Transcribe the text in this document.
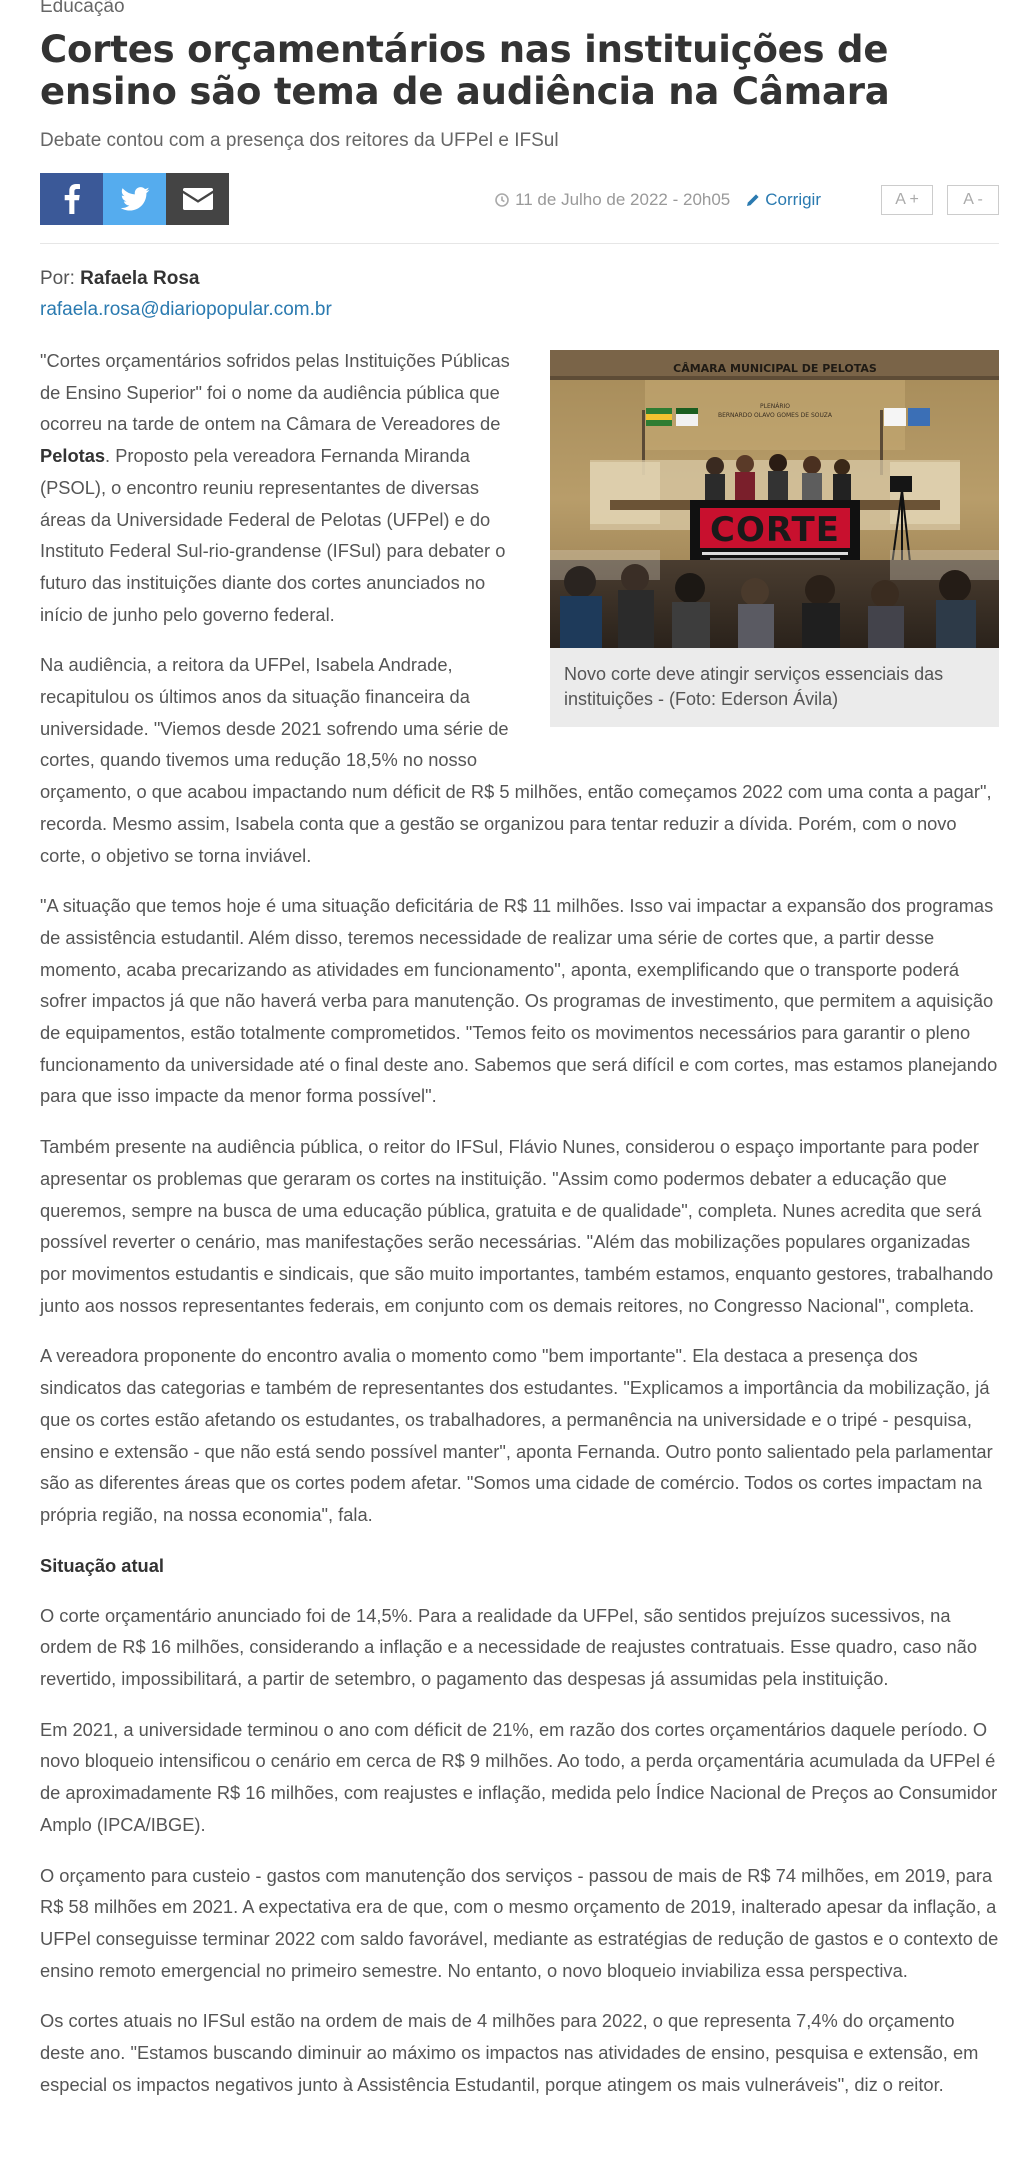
Educação
Cortes orçamentários nas instituições de ensino são tema de audiência na Câmara
Debate contou com a presença dos reitores da UFPel e IFSul
11 de Julho de 2022 - 20h05 Corrigir	A +	A -
Por: Rafaela Rosa
rafaela.rosa@diariopopular.com.br
CÂMARA MUNICIPAL DE PELOTAS
PLENÁRIO
BERNARDO OLAVO GOMES DE SOUZA
CORTE
Novo corte deve atingir serviços essenciais das instituições - (Foto: Ederson Ávila)

"Cortes orçamentários sofridos pelas Instituições Públicas de Ensino Superior" foi o nome da audiência pública que ocorreu na tarde de ontem na Câmara de Vereadores de Pelotas. Proposto pela vereadora Fernanda Miranda (PSOL), o encontro reuniu representantes de diversas áreas da Universidade Federal de Pelotas (UFPel) e do Instituto Federal Sul-rio-grandense (IFSul) para debater o futuro das instituições diante dos cortes anunciados no início de junho pelo governo federal.

Na audiência, a reitora da UFPel, Isabela Andrade, recapitulou os últimos anos da situação financeira da universidade. "Viemos desde 2021 sofrendo uma série de cortes, quando tivemos uma redução 18,5% no nosso orçamento, o que acabou impactando num déficit de R$ 5 milhões, então começamos 2022 com uma conta a pagar", recorda. Mesmo assim, Isabela conta que a gestão se organizou para tentar reduzir a dívida. Porém, com o novo corte, o objetivo se torna inviável.

"A situação que temos hoje é uma situação deficitária de R$ 11 milhões. Isso vai impactar a expansão dos programas de assistência estudantil. Além disso, teremos necessidade de realizar uma série de cortes que, a partir desse momento, acaba precarizando as atividades em funcionamento", aponta, exemplificando que o transporte poderá sofrer impactos já que não haverá verba para manutenção. Os programas de investimento, que permitem a aquisição de equipamentos, estão totalmente comprometidos. "Temos feito os movimentos necessários para garantir o pleno funcionamento da universidade até o final deste ano. Sabemos que será difícil e com cortes, mas estamos planejando para que isso impacte da menor forma possível".

Também presente na audiência pública, o reitor do IFSul, Flávio Nunes, considerou o espaço importante para poder apresentar os problemas que geraram os cortes na instituição. "Assim como podermos debater a educação que queremos, sempre na busca de uma educação pública, gratuita e de qualidade", completa. Nunes acredita que será possível reverter o cenário, mas manifestações serão necessárias. "Além das mobilizações populares organizadas por movimentos estudantis e sindicais, que são muito importantes, também estamos, enquanto gestores, trabalhando junto aos nossos representantes federais, em conjunto com os demais reitores, no Congresso Nacional", completa.

A vereadora proponente do encontro avalia o momento como "bem importante". Ela destaca a presença dos sindicatos das categorias e também de representantes dos estudantes. "Explicamos a importância da mobilização, já que os cortes estão afetando os estudantes, os trabalhadores, a permanência na universidade e o tripé - pesquisa, ensino e extensão - que não está sendo possível manter", aponta Fernanda. Outro ponto salientado pela parlamentar são as diferentes áreas que os cortes podem afetar. "Somos uma cidade de comércio. Todos os cortes impactam na própria região, na nossa economia", fala.

Situação atual

O corte orçamentário anunciado foi de 14,5%. Para a realidade da UFPel, são sentidos prejuízos sucessivos, na ordem de R$ 16 milhões, considerando a inflação e a necessidade de reajustes contratuais. Esse quadro, caso não revertido, impossibilitará, a partir de setembro, o pagamento das despesas já assumidas pela instituição.

Em 2021, a universidade terminou o ano com déficit de 21%, em razão dos cortes orçamentários daquele período. O novo bloqueio intensificou o cenário em cerca de R$ 9 milhões. Ao todo, a perda orçamentária acumulada da UFPel é de aproximadamente R$ 16 milhões, com reajustes e inflação, medida pelo Índice Nacional de Preços ao Consumidor Amplo (IPCA/IBGE).

O orçamento para custeio - gastos com manutenção dos serviços - passou de mais de R$ 74 milhões, em 2019, para R$ 58 milhões em 2021. A expectativa era de que, com o mesmo orçamento de 2019, inalterado apesar da inflação, a UFPel conseguisse terminar 2022 com saldo favorável, mediante as estratégias de redução de gastos e o contexto de ensino remoto emergencial no primeiro semestre. No entanto, o novo bloqueio inviabiliza essa perspectiva.

Os cortes atuais no IFSul estão na ordem de mais de 4 milhões para 2022, o que representa 7,4% do orçamento deste ano. "Estamos buscando diminuir ao máximo os impactos nas atividades de ensino, pesquisa e extensão, em especial os impactos negativos junto à Assistência Estudantil, porque atingem os mais vulneráveis", diz o reitor.
